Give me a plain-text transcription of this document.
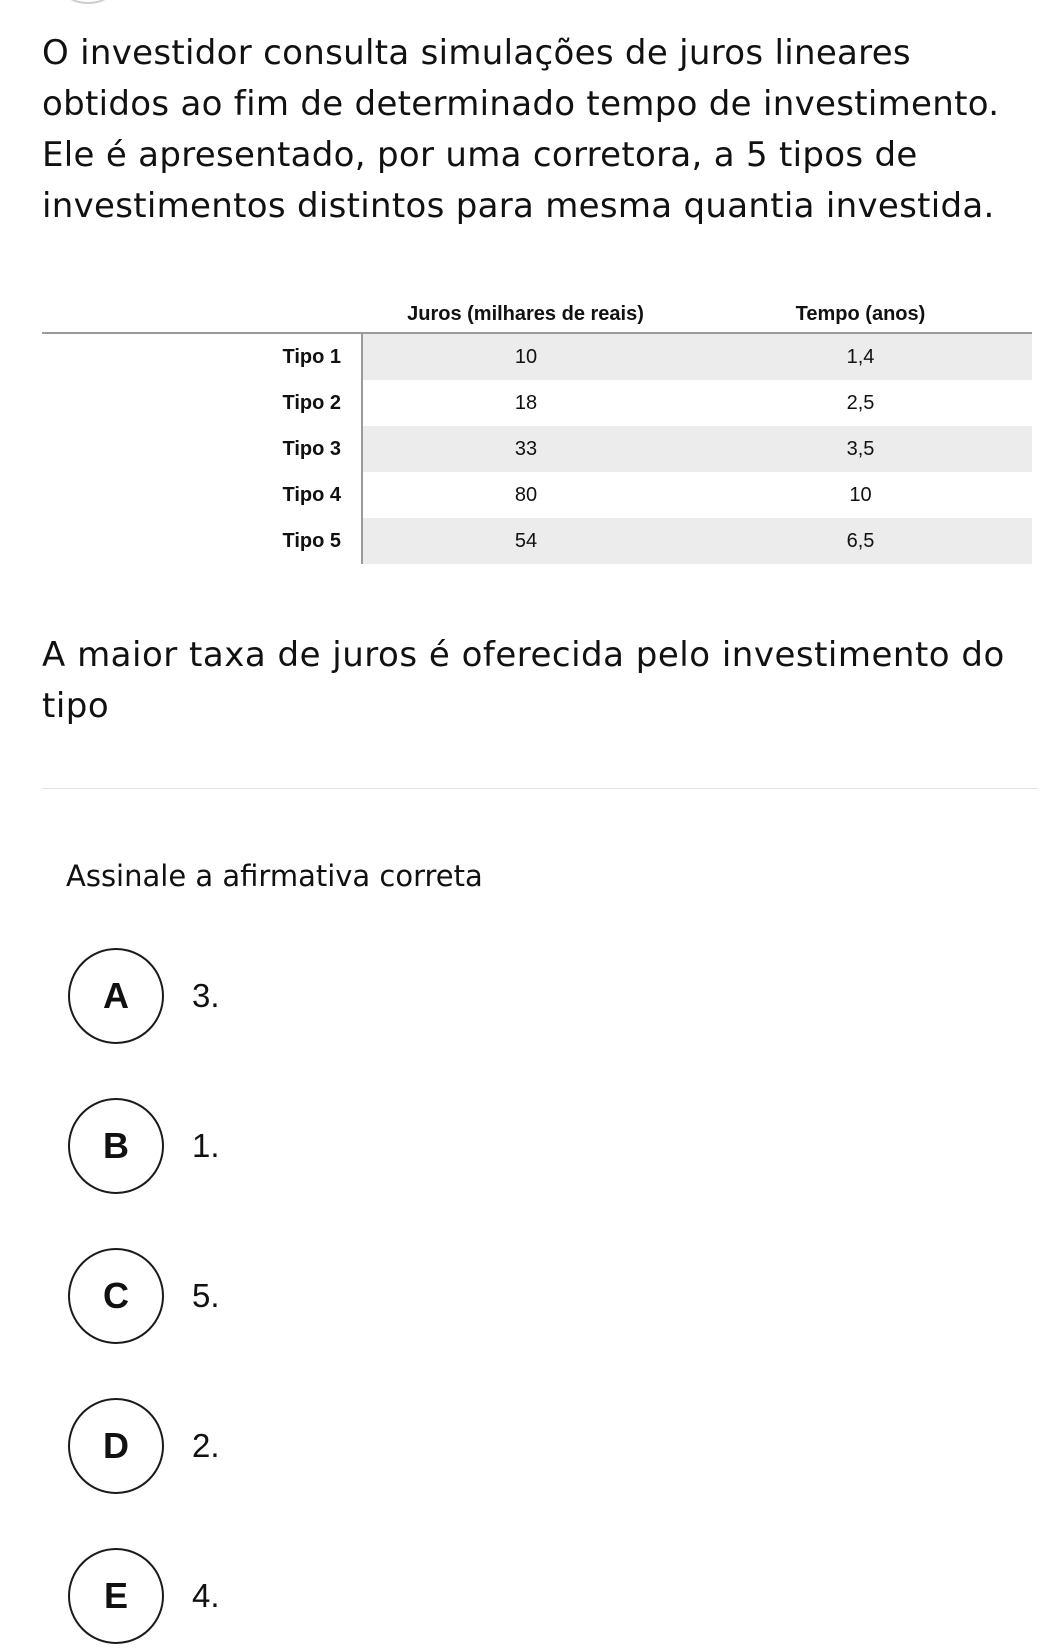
O investidor consulta simulações de juros lineares obtidos ao fim de determinado tempo de investimento. Ele é apresentado, por uma corretora, a 5 tipos de investimentos distintos para mesma quantia investida.

	Juros (milhares de reais)	Tempo (anos)
Tipo 1	10	1,4
Tipo 2	18	2,5
Tipo 3	33	3,5
Tipo 4	80	10
Tipo 5	54	6,5

A maior taxa de juros é oferecida pelo investimento do tipo

Assinale a afirmativa correta

A	3.
B	1.
C	5.
D	2.
E	4.
